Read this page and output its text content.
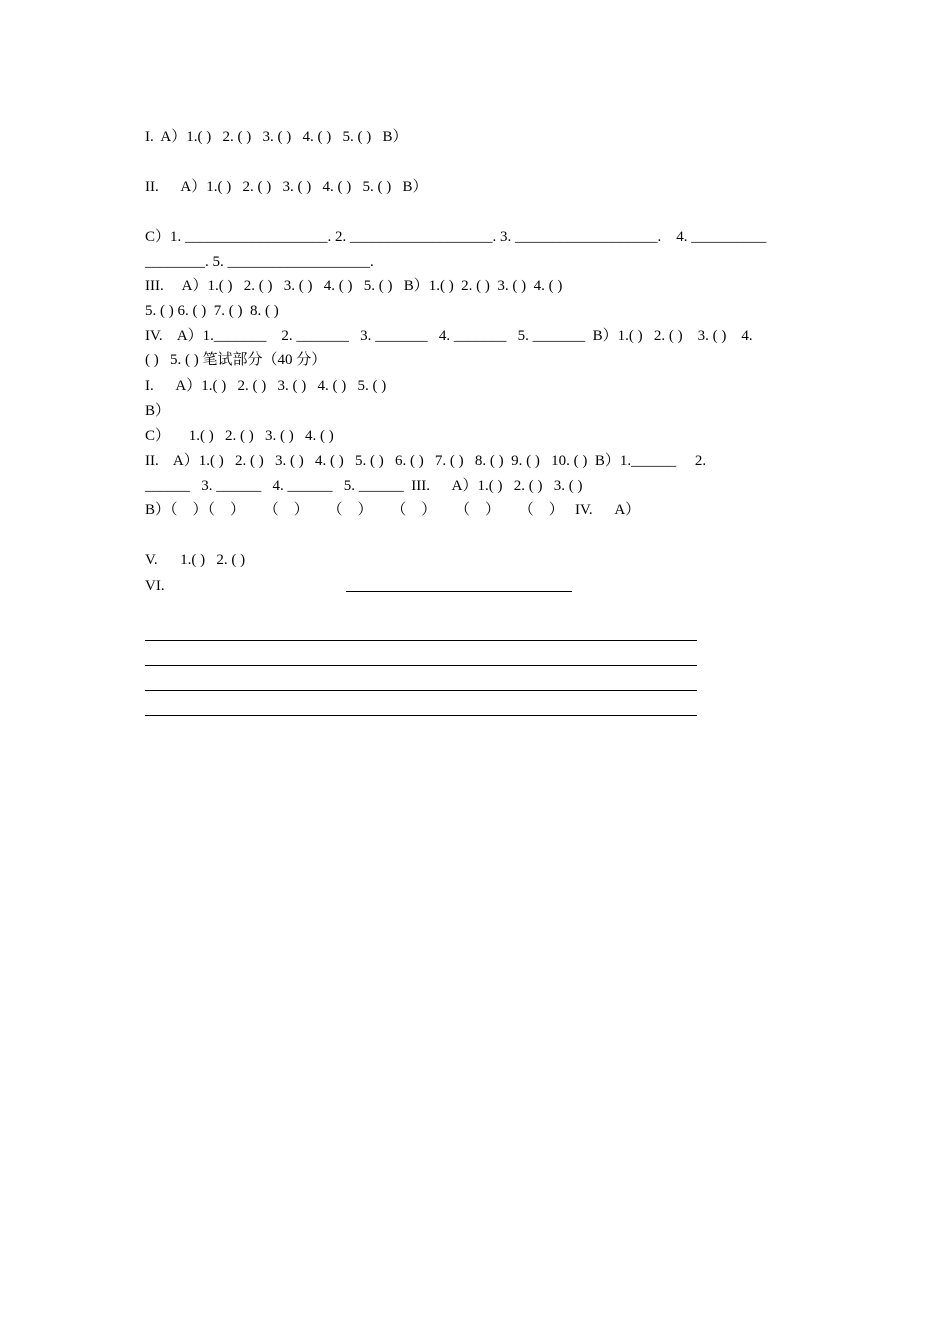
I.  A）1.( )   2. ( )   3. ( )   4. ( )   5. ( )   B）
II.      A）1.( )   2. ( )   3. ( )   4. ( )   5. ( )   B）
C）1. ___________________. 2. ___________________. 3. ___________________.    4. __________
________. 5. ___________________.
III.     A）1.( )   2. ( )   3. ( )   4. ( )   5. ( )   B）1.( )  2. ( )  3. ( )  4. ( )
5. ( ) 6. ( )  7. ( )  8. ( )
IV.    A）1._______    2. _______   3. _______   4. _______   5. _______  B）1.( )   2. ( )    3. ( )    4.
( )   5. ( ) 笔试部分（40 分）
I.      A）1.( )   2. ( )   3. ( )   4. ( )   5. ( )
B）
C）     1.( )   2. ( )   3. ( )   4. ( )
II.    A）1.( )   2. ( )   3. ( )   4. ( )   5. ( )   6. ( )   7. ( )   8. ( )  9. ( )   10. ( )  B）1.______     2.
______   3. ______   4. ______   5. ______  III.      A）1.( )   2. ( )   3. ( )
B）（    ）（    ）     （    ）     （    ）     （    ）     （    ）     （    ）   IV.      A）
V.      1.( )   2. ( )
VI.
